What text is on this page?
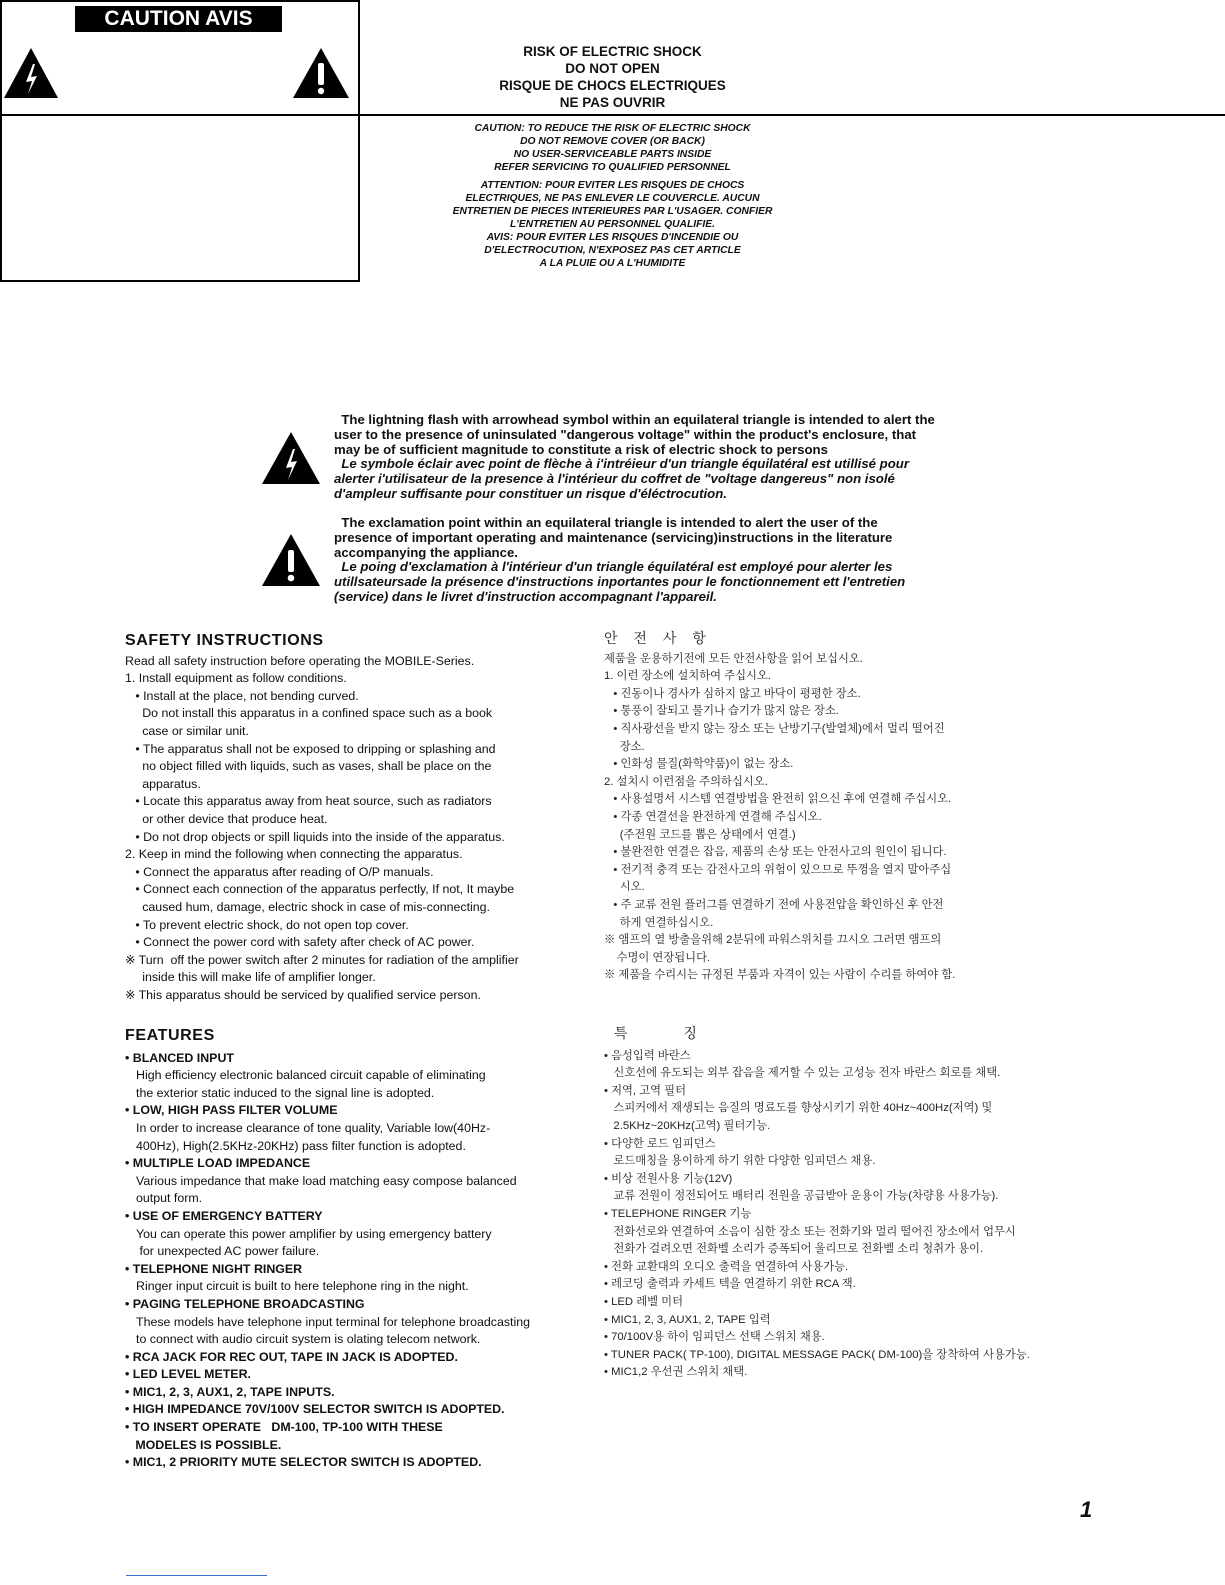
CAUTION AVIS
RISK OF ELECTRIC SHOCK
DO NOT OPEN
RISQUE DE CHOCS ELECTRIQUES
NE PAS OUVRIR
CAUTION: TO REDUCE THE RISK OF ELECTRIC SHOCK
DO NOT REMOVE COVER (OR BACK)
NO USER-SERVICEABLE PARTS INSIDE
REFER SERVICING TO QUALIFIED PERSONNEL
ATTENTION: POUR EVITER LES RISQUES DE CHOCS
ELECTRIQUES, NE PAS ENLEVER LE COUVERCLE. AUCUN
ENTRETIEN DE PIECES INTERIEURES PAR L'USAGER. CONFIER
L'ENTRETIEN AU PERSONNEL QUALIFIE.
AVIS: POUR EVITER LES RISQUES D'INCENDIE OU
D'ELECTROCUTION, N'EXPOSEZ PAS CET ARTICLE
A LA PLUIE OU A L'HUMIDITE
The lightning flash with arrowhead symbol within an equilateral triangle is intended to alert the
user to the presence of uninsulated "dangerous voltage" within the product's enclosure, that
may be of sufficient magnitude to constitute a risk of electric shock to persons
Le symbole éclair avec point de flèche à i'intréieur d'un triangle équilatéral est utillisé pour
alerter i'utilisateur de la presence à l'intérieur du coffret de "voltage dangereus" non isolé
d'ampleur suffisante pour constituer un risque d'éléctrocution.
The exclamation point within an equilateral triangle is intended to alert the user of the
presence of important operating and maintenance (servicing)instructions in the literature
accompanying the appliance.
Le poing d'exclamation à l'intérieur d'un triangle équilatéral est employé pour alerter les
utillsateursade la présence d'instructions inportantes pour le fonctionnement ett l'entretien
(service) dans le livret d'instruction accompagnant l'appareil.
SAFETY INSTRUCTIONS
Read all safety instruction before operating the MOBILE-Series.
1. Install equipment as follow conditions.
• Install at the place, not bending curved.
Do not install this apparatus in a confined space such as a book
case or similar unit.
• The apparatus shall not be exposed to dripping or splashing and
no object filled with liquids, such as vases, shall be place on the
apparatus.
• Locate this apparatus away from heat source, such as radiators
or other device that produce heat.
• Do not drop objects or spill liquids into the inside of the apparatus.
2. Keep in mind the following when connecting the apparatus.
• Connect the apparatus after reading of O/P manuals.
• Connect each connection of the apparatus perfectly, If not, It maybe
caused hum, damage, electric shock in case of mis-connecting.
• To prevent electric shock, do not open top cover.
• Connect the power cord with safety after check of AC power.
※ Turn  off the power switch after 2 minutes for radiation of the amplifier
inside this will make life of amplifier longer.
※ This apparatus should be serviced by qualified service person.
안 전 사 항
제품을 운용하기전에 모든 안전사항을 읽어 보십시오.
1. 이런 장소에 설치하여 주십시오.
• 진동이나 경사가 심하지 않고 바닥이 평평한 장소.
• 통풍이 잘되고 물기나 습기가 많지 않은 장소.
• 직사광선을 받지 않는 장소 또는 난방기구(발열체)에서 멀리 떨어진
장소.
• 인화성 물질(화학약품)이 없는 장소.
2. 설치시 이런점을 주의하십시오.
• 사용설명서 시스템 연결방법을 완전히 읽으신 후에 연결해 주십시오.
• 각종 연결선을 완전하게 연결해 주십시오.
(주전원 코드를 뽑은 상태에서 연결.)
• 불완전한 연결은 잡음, 제품의 손상 또는 안전사고의 원인이 됩니다.
• 전기적 충격 또는 감전사고의 위험이 있으므로 뚜껑을 열지 말아주십
시오.
• 주 교류 전원 플러그를 연결하기 전에 사용전압을 확인하신 후 안전
하게 연결하십시오.
※ 앰프의 열 방출을위해 2분뒤에 파워스위치를 끄시오 그러면 앰프의
수명이 연장됩니다.
※ 제품을 수리시는 규정된 부품과 자격이 있는 사람이 수리를 하여야 함.
FEATURES
• BLANCED INPUT
High efficiency electronic balanced circuit capable of eliminating
the exterior static induced to the signal line is adopted.
• LOW, HIGH PASS FILTER VOLUME
In order to increase clearance of tone quality, Variable low(40Hz-
400Hz), High(2.5KHz-20KHz) pass filter function is adopted.
• MULTIPLE LOAD IMPEDANCE
Various impedance that make load matching easy compose balanced
output form.
• USE OF EMERGENCY BATTERY
You can operate this power amplifier by using emergency battery
for unexpected AC power failure.
• TELEPHONE NIGHT RINGER
Ringer input circuit is built to here telephone ring in the night.
• PAGING TELEPHONE BROADCASTING
These models have telephone input terminal for telephone broadcasting
to connect with audio circuit system is olating telecom network.
• RCA JACK FOR REC OUT, TAPE IN JACK IS ADOPTED.
• LED LEVEL METER.
• MIC1, 2, 3, AUX1, 2, TAPE INPUTS.
• HIGH IMPEDANCE 70V/100V SELECTOR SWITCH IS ADOPTED.
• TO INSERT OPERATE   DM-100, TP-100 WITH THESE
MODELES IS POSSIBLE.
• MIC1, 2 PRIORITY MUTE SELECTOR SWITCH IS ADOPTED.
특 징
• 음성입력 바란스
신호선에 유도되는 외부 잡음을 제거할 수 있는 고성능 전자 바란스 회로를 채택.
• 저역, 고역 필터
스피커에서 재생되는 음질의 명료도를 향상시키기 위한 40Hz~400Hz(저역) 및
2.5KHz~20KHz(고역) 필터기능.
• 다양한 로드 임피던스
로드매칭을 용이하게 하기 위한 다양한 임피던스 채용.
• 비상 전원사용 기능(12V)
교류 전원이 정전되어도 배터리 전원을 공급받아 운용이 가능(차량용 사용가능).
• TELEPHONE RINGER 기능
전화선로와 연결하여 소음이 심한 장소 또는 전화기와 멀리 떨어진 장소에서 업무시
전화가 걸려오면 전화벨 소리가 증폭되어 울리므로 전화벨 소리 청취가 용이.
• 전화 교환대의 오디오 출력을 연결하여 사용가능.
• 레코딩 출력과 카세트 텍을 연결하기 위한 RCA 잭.
• LED 레벨 미터
• MIC1, 2, 3, AUX1, 2, TAPE 입력
• 70/100V용 하이 임피던스 선택 스위치 채용.
• TUNER PACK( TP-100), DIGITAL MESSAGE PACK( DM-100)을 장착하여 사용가능.
• MIC1,2 우선권 스위치 채택.
1
